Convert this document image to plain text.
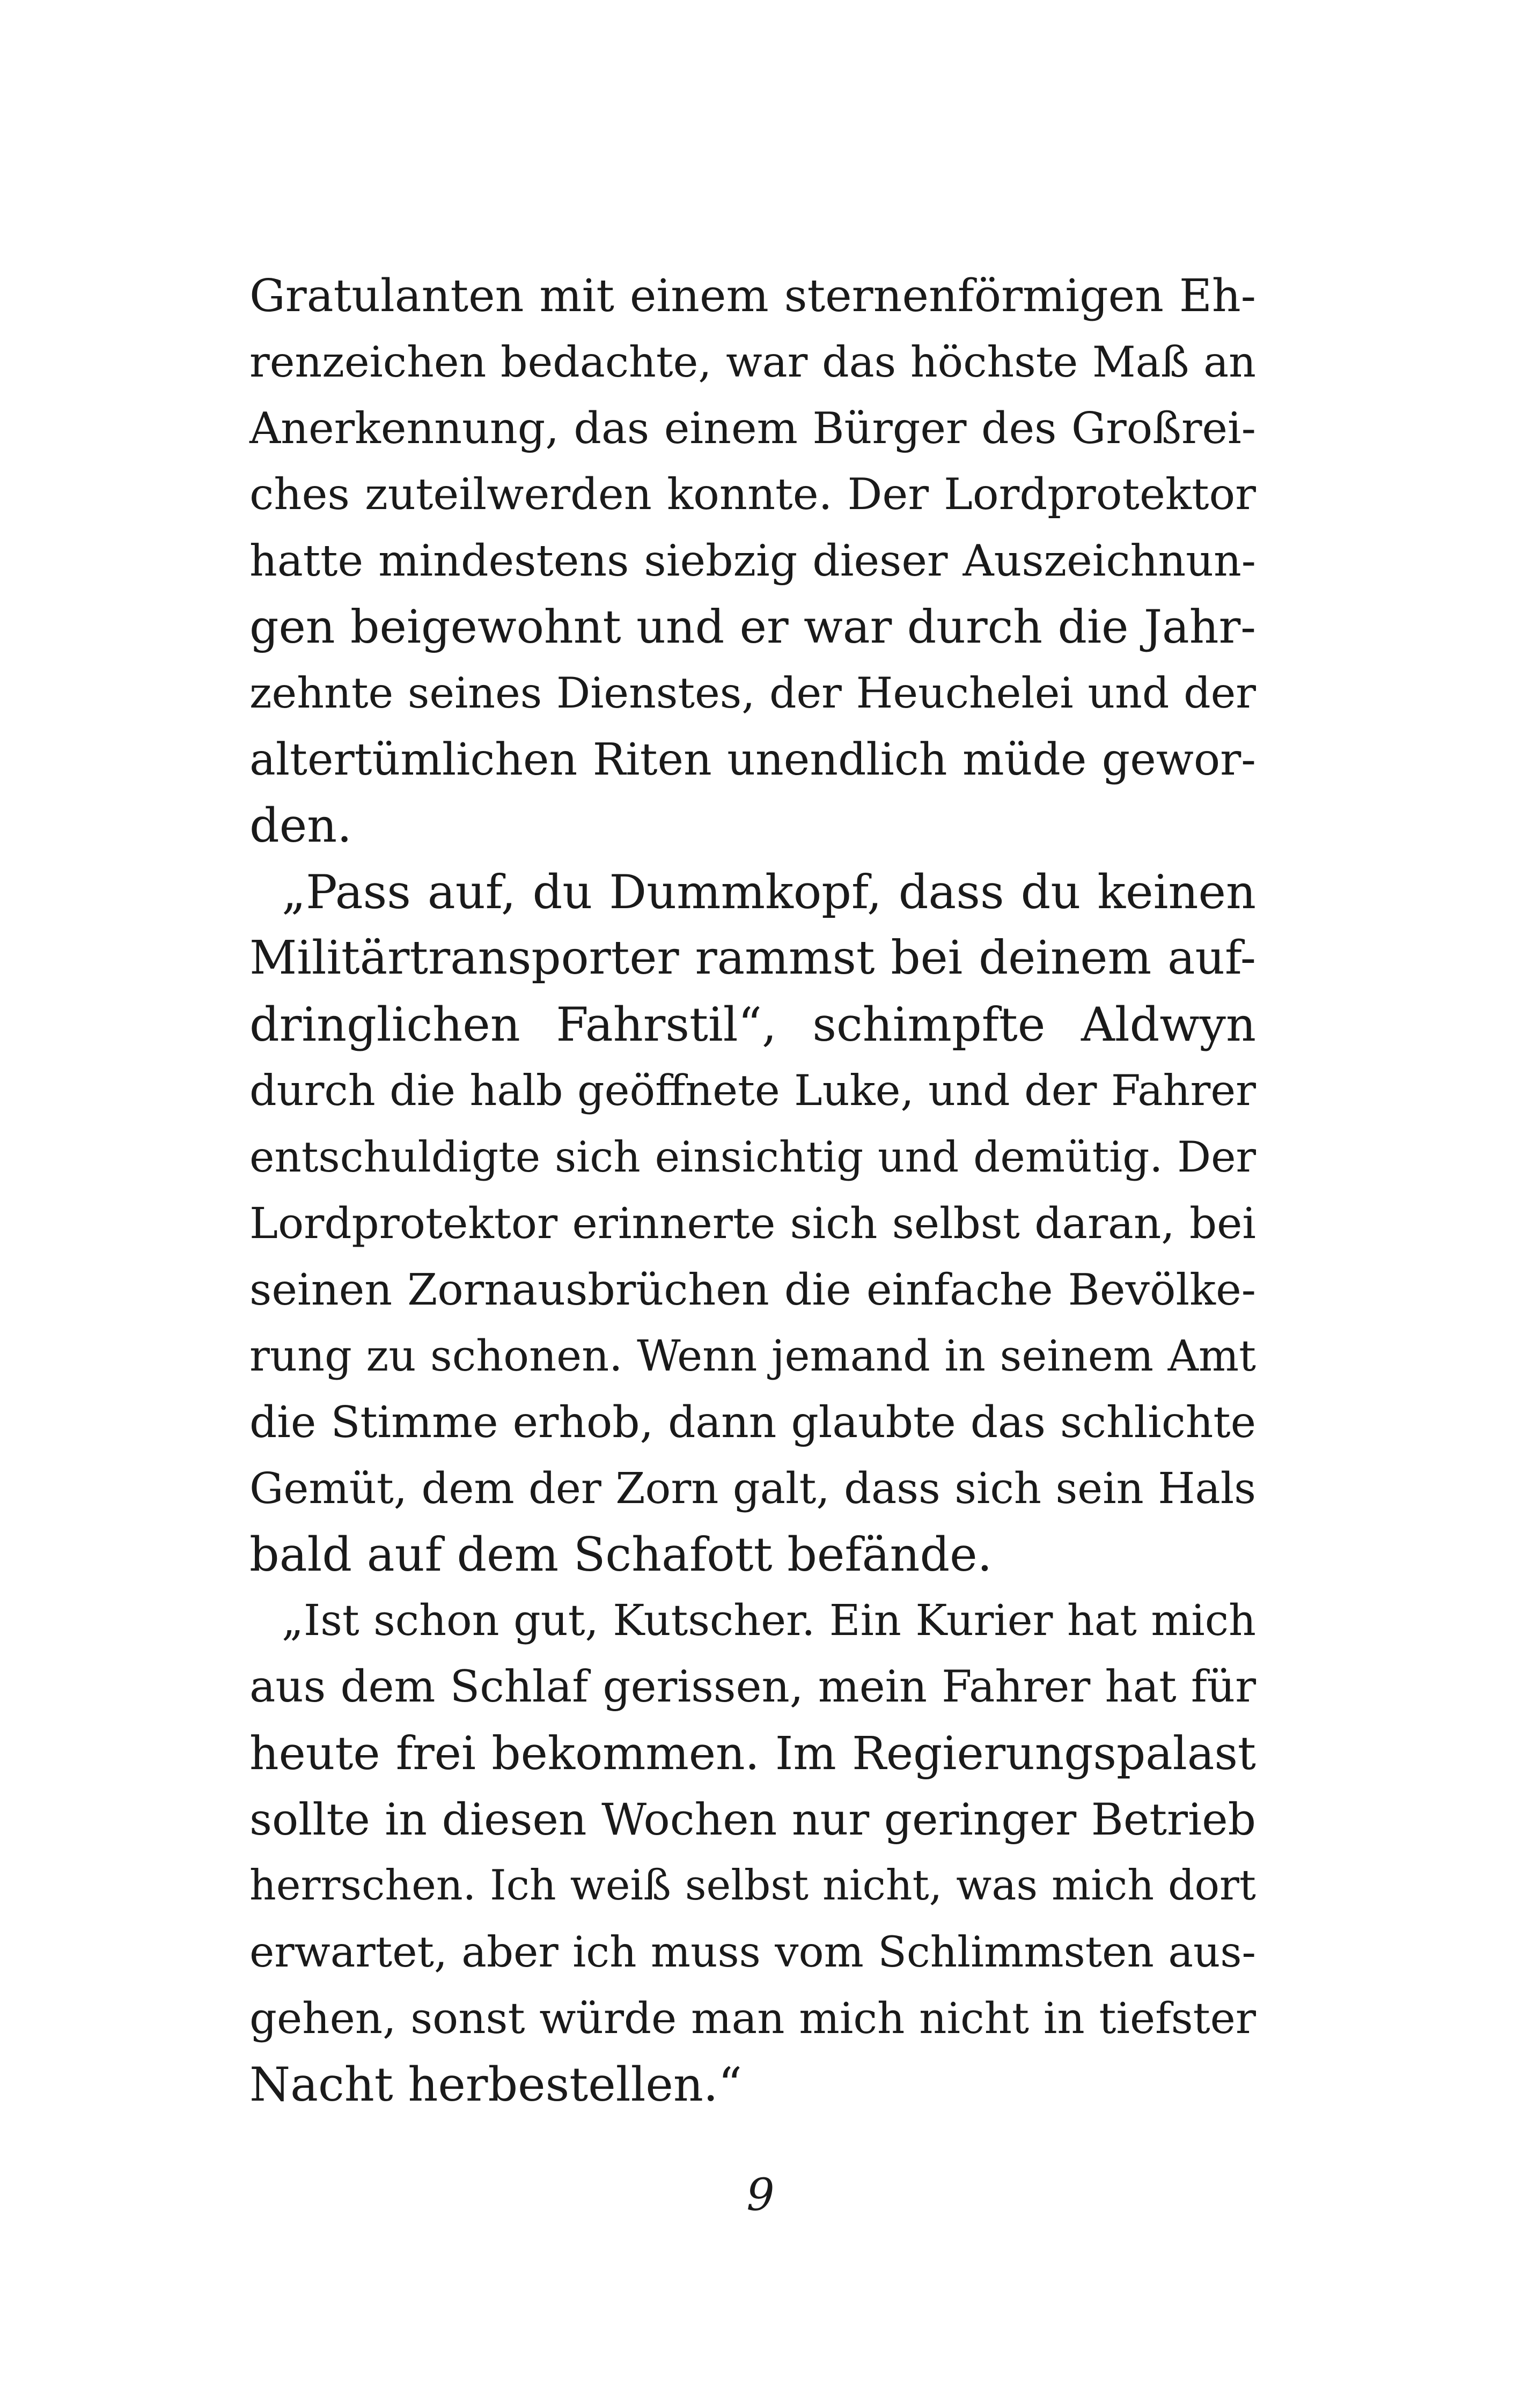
Gratulanten mit einem sternenförmigen Eh-
renzeichen bedachte, war das höchste Maß an
Anerkennung, das einem Bürger des Großrei-
ches zuteilwerden konnte. Der Lordprotektor
hatte mindestens siebzig dieser Auszeichnun-
gen beigewohnt und er war durch die Jahr-
zehnte seines Dienstes, der Heuchelei und der
altertümlichen Riten unendlich müde gewor-
den.
„Pass auf, du Dummkopf, dass du keinen
Militärtransporter rammst bei deinem auf-
dringlichen Fahrstil“, schimpfte Aldwyn
durch die halb geöffnete Luke, und der Fahrer
entschuldigte sich einsichtig und demütig. Der
Lordprotektor erinnerte sich selbst daran, bei
seinen Zornausbrüchen die einfache Bevölke-
rung zu schonen. Wenn jemand in seinem Amt
die Stimme erhob, dann glaubte das schlichte
Gemüt, dem der Zorn galt, dass sich sein Hals
bald auf dem Schafott befände.
„Ist schon gut, Kutscher. Ein Kurier hat mich
aus dem Schlaf gerissen, mein Fahrer hat für
heute frei bekommen. Im Regierungspalast
sollte in diesen Wochen nur geringer Betrieb
herrschen. Ich weiß selbst nicht, was mich dort
erwartet, aber ich muss vom Schlimmsten aus-
gehen, sonst würde man mich nicht in tiefster
Nacht herbestellen.“
9
